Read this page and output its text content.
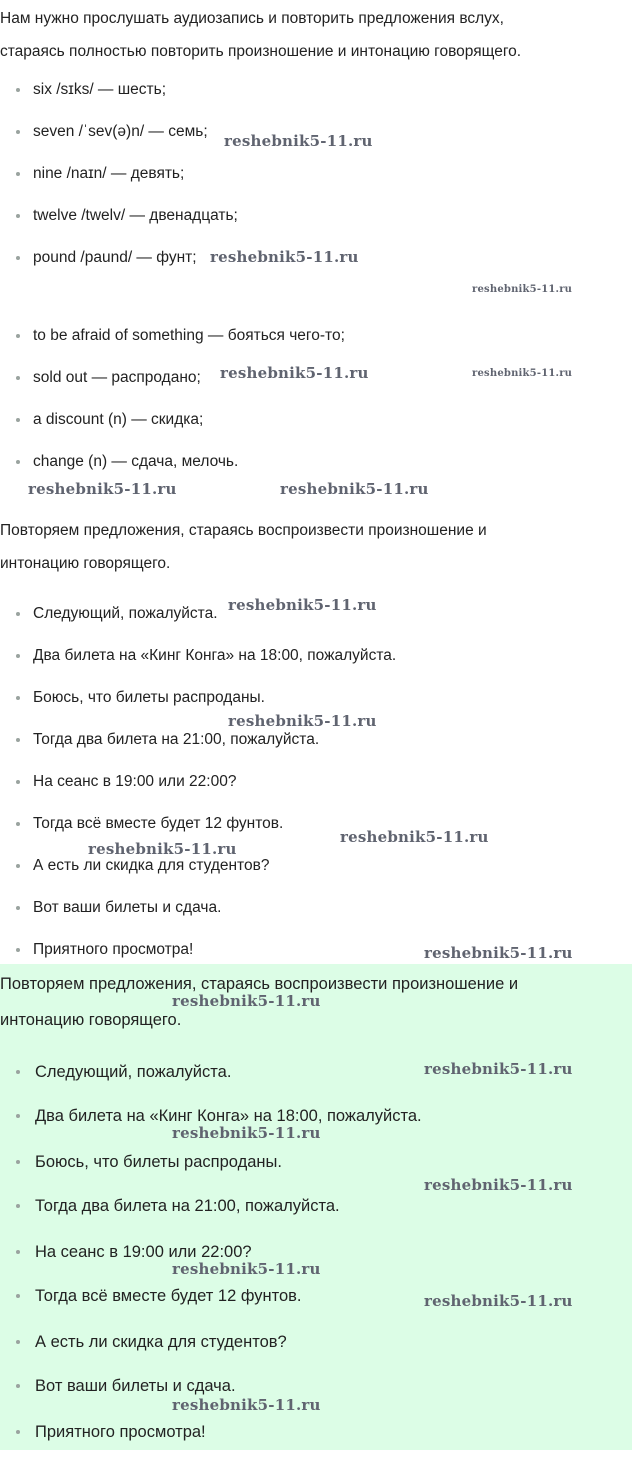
Нам нужно прослушать аудиозапись и повторить предложения вслух,
стараясь полностью повторить произношение и интонацию говорящего.

six /sɪks/ — шесть;
seven /ˈsev(ə)n/ — семь;
nine /naɪn/ — девять;
twelve /twelv/ — двенадцать;
pound /paund/ — фунт;
to be afraid of something — бояться чего-то;
sold out — распродано;
a discount (n) — скидка;
change (n) — сдача, мелочь.

Повторяем предложения, стараясь воспроизвести произношение и
интонацию говорящего.

Следующий, пожалуйста.
Два билета на «Кинг Конга» на 18:00, пожалуйста.
Боюсь, что билеты распроданы.
Тогда два билета на 21:00, пожалуйста.
На сеанс в 19:00 или 22:00?
Тогда всё вместе будет 12 фунтов.
А есть ли скидка для студентов?
Вот ваши билеты и сдача.
Приятного просмотра!

Повторяем предложения, стараясь воспроизвести произношение и
интонацию говорящего.

Следующий, пожалуйста.
Два билета на «Кинг Конга» на 18:00, пожалуйста.
Боюсь, что билеты распроданы.
Тогда два билета на 21:00, пожалуйста.
На сеанс в 19:00 или 22:00?
Тогда всё вместе будет 12 фунтов.
А есть ли скидка для студентов?
Вот ваши билеты и сдача.
Приятного просмотра!
reshebnik5-11.ru
reshebnik5-11.ru
reshebnik5-11.ru
reshebnik5-11.ru	reshebnik5-11.ru
reshebnik5-11.ru	reshebnik5-11.ru
reshebnik5-11.ru
reshebnik5-11.ru
reshebnik5-11.ru
reshebnik5-11.ru
reshebnik5-11.ru
reshebnik5-11.ru
reshebnik5-11.ru
reshebnik5-11.ru
reshebnik5-11.ru
reshebnik5-11.ru
reshebnik5-11.ru
reshebnik5-11.ru
